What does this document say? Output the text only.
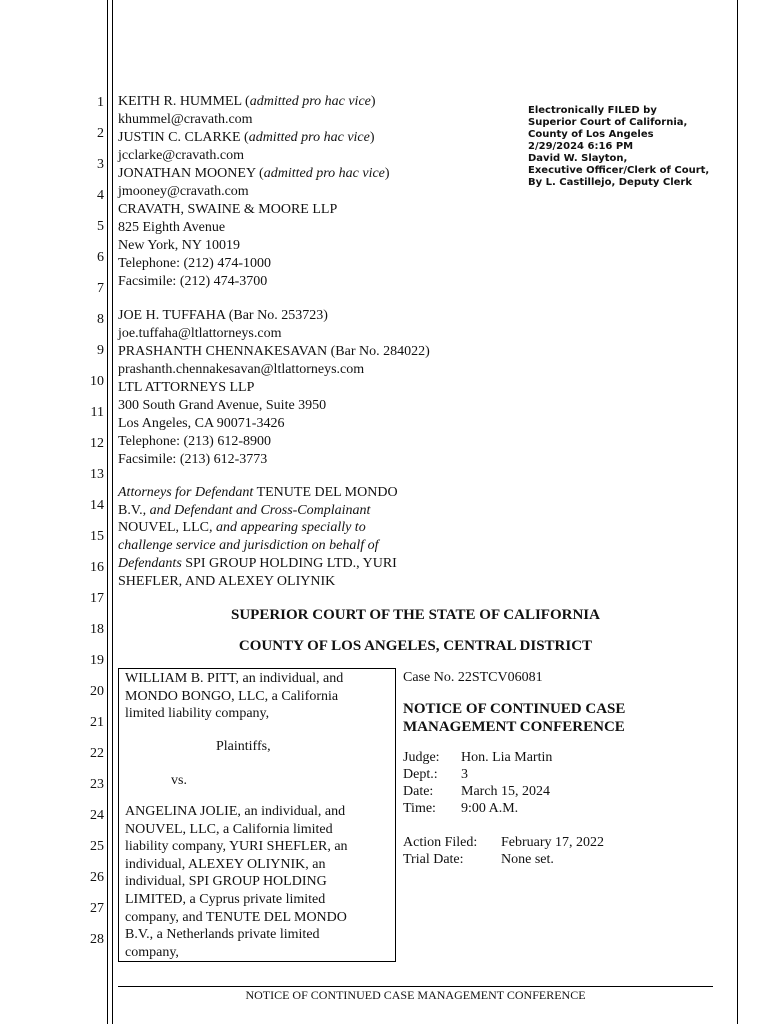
1
2
3
4
5
6
7
8
9
10
11
12
13
14
15
16
17
18
19
20
21
22
23
24
25
26
27
28
Electronically FILED by
Superior Court of California,
County of Los Angeles
2/29/2024 6:16 PM
David W. Slayton,
Executive Officer/Clerk of Court,
By L. Castillejo, Deputy Clerk
KEITH R. HUMMEL (admitted pro hac vice)
khummel@cravath.com
JUSTIN C. CLARKE (admitted pro hac vice)
jcclarke@cravath.com
JONATHAN MOONEY (admitted pro hac vice)
jmooney@cravath.com
CRAVATH, SWAINE & MOORE LLP
825 Eighth Avenue
New York, NY 10019
Telephone: (212) 474-1000
Facsimile: (212) 474-3700
JOE H. TUFFAHA (Bar No. 253723)
joe.tuffaha@ltlattorneys.com
PRASHANTH CHENNAKESAVAN (Bar No. 284022)
prashanth.chennakesavan@ltlattorneys.com
LTL ATTORNEYS LLP
300 South Grand Avenue, Suite 3950
Los Angeles, CA 90071-3426
Telephone: (213) 612-8900
Facsimile: (213) 612-3773
Attorneys for Defendant TENUTE DEL MONDO
B.V., and Defendant and Cross-Complainant
NOUVEL, LLC, and appearing specially to
challenge service and jurisdiction on behalf of
Defendants SPI GROUP HOLDING LTD., YURI
SHEFLER, AND ALEXEY OLIYNIK
SUPERIOR COURT OF THE STATE OF CALIFORNIA
COUNTY OF LOS ANGELES, CENTRAL DISTRICT
WILLIAM B. PITT, an individual, and
MONDO BONGO, LLC, a California
limited liability company,
Plaintiffs,
vs.
ANGELINA JOLIE, an individual, and
NOUVEL, LLC, a California limited
liability company, YURI SHEFLER, an
individual, ALEXEY OLIYNIK, an
individual, SPI GROUP HOLDING
LIMITED, a Cyprus private limited
company, and TENUTE DEL MONDO
B.V., a Netherlands private limited
company,
Case No. 22STCV06081
NOTICE OF CONTINUED CASE
MANAGEMENT CONFERENCE
Judge:	Hon. Lia Martin
Dept.:	3
Date:	March 15, 2024
Time:	9:00 A.M.
Action Filed:	February 17, 2022
Trial Date:	None set.
NOTICE OF CONTINUED CASE MANAGEMENT CONFERENCE
